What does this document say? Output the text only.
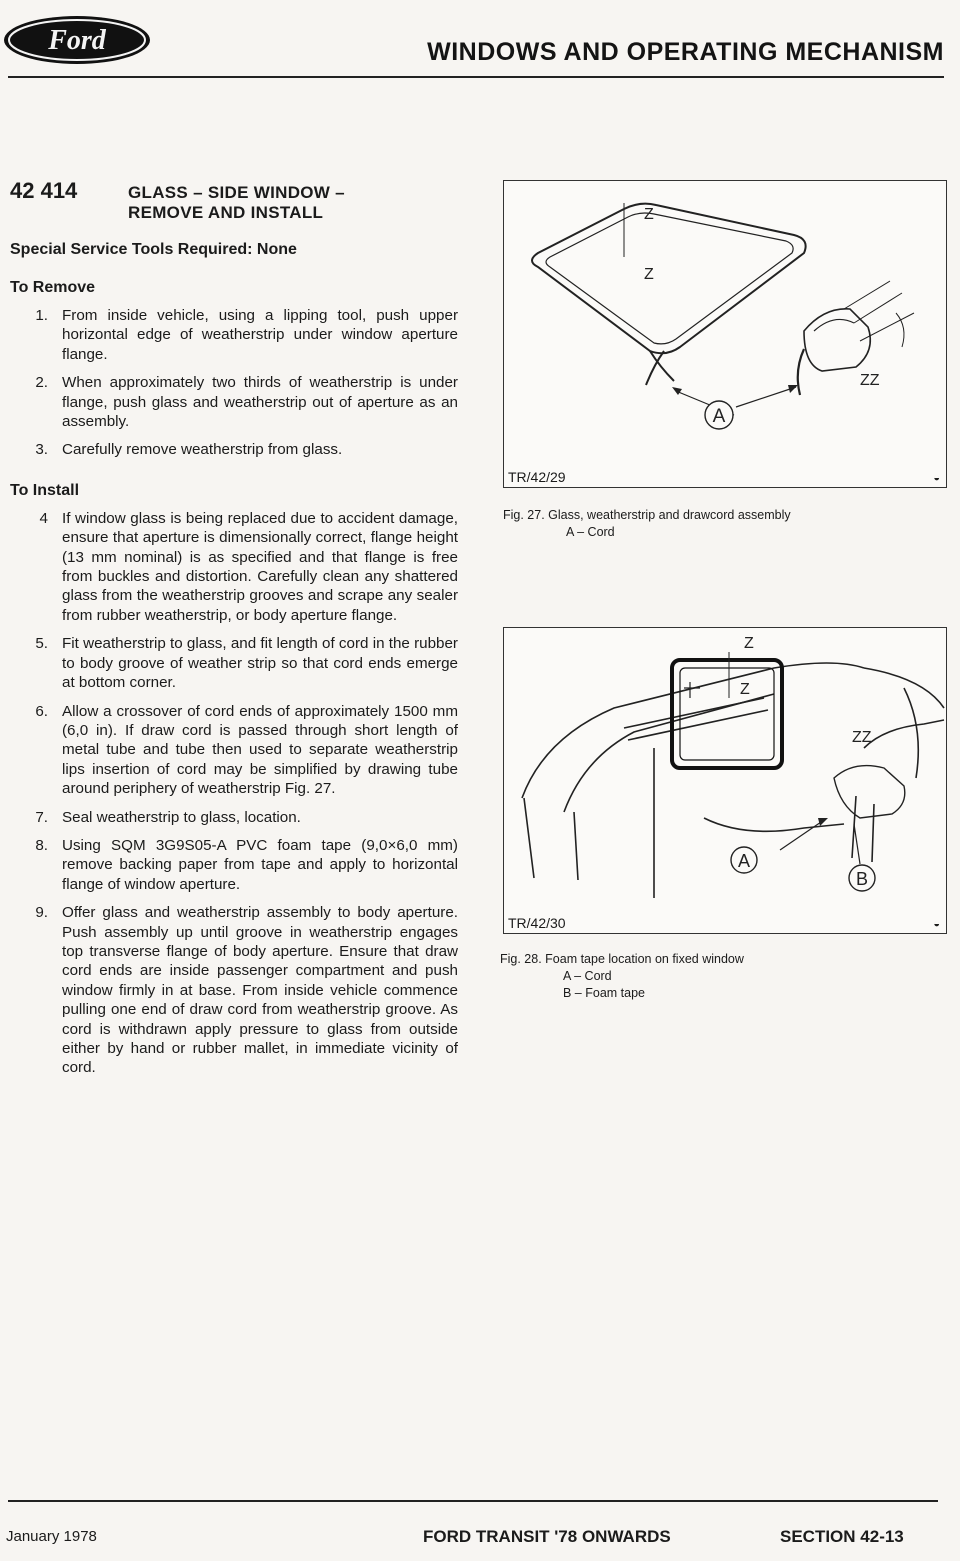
Ford	WINDOWS AND OPERATING MECHANISM
42 414	GLASS – SIDE WINDOW –
REMOVE AND INSTALL
Special Service Tools Required: None
To Remove
1. From inside vehicle, using a lipping tool, push upper horizontal edge of weatherstrip under window aperture flange.
2. When approximately two thirds of weatherstrip is under flange, push glass and weatherstrip out of aperture as an assembly.
3. Carefully remove weatherstrip from glass.
To Install
4 If window glass is being replaced due to accident damage, ensure that aperture is dimensionally correct, flange height (13 mm nominal) is as specified and that flange is free from buckles and distortion. Carefully clean any shattered glass from the weatherstrip grooves and scrape any sealer from rubber weatherstrip, or body aperture flange.
5. Fit weatherstrip to glass, and fit length of cord in the rubber to body groove of weather strip so that cord ends emerge at bottom corner.
6. Allow a crossover of cord ends of approximately 1500 mm (6,0 in). If draw cord is passed through short length of metal tube and tube then used to separate weatherstrip lips insertion of cord may be simplified by drawing tube around periphery of weatherstrip Fig. 27.
7. Seal weatherstrip to glass, location.
8. Using SQM 3G9S05-A PVC foam tape (9,0×6,0 mm) remove backing paper from tape and apply to horizontal flange of window aperture.
9. Offer glass and weatherstrip assembly to body aperture. Push assembly up until groove in weatherstrip engages top transverse flange of body aperture. Ensure that draw cord ends are inside passenger compartment and push window firmly in at base. From inside vehicle commence pulling one end of draw cord from weatherstrip groove. As cord is withdrawn apply pressure to glass from outside either by hand or rubber mallet, in immediate vicinity of cord.
A
Z
Z
ZZ
TR/42/29	◒
Fig. 27. Glass, weatherstrip and drawcord assembly
A – Cord
A
B
Z
Z
ZZ
TR/42/30	◒
Fig. 28. Foam tape location on fixed window
A – Cord
B – Foam tape
January 1978	FORD TRANSIT '78 ONWARDS	SECTION 42-13
